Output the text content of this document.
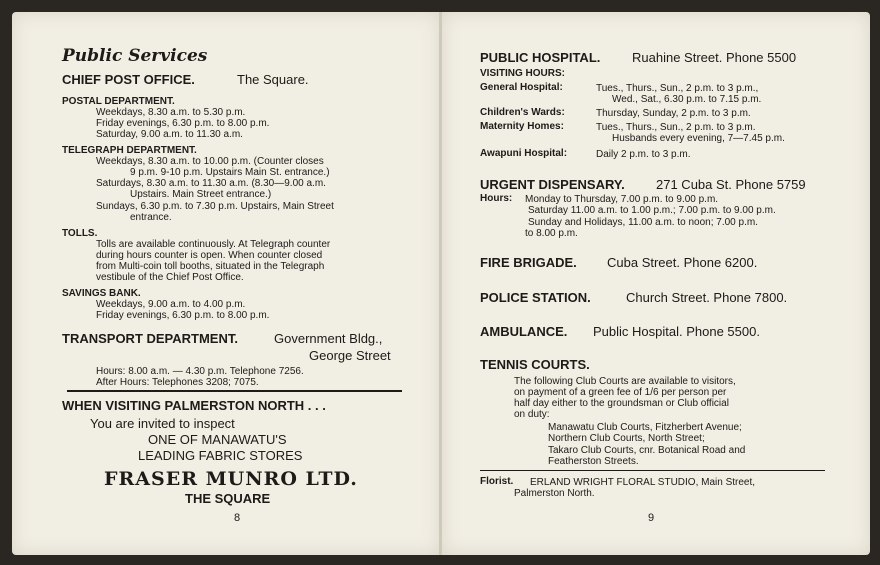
Public Services
CHIEF POST OFFICE.	The Square.
POSTAL DEPARTMENT.
Weekdays, 8.30 a.m. to 5.30 p.m.
Friday evenings, 6.30 p.m. to 8.00 p.m.
Saturday, 9.00 a.m. to 11.30 a.m.
TELEGRAPH DEPARTMENT.
Weekdays, 8.30 a.m. to 10.00 p.m. (Counter closes
9 p.m. 9-10 p.m. Upstairs Main St. entrance.)
Saturdays, 8.30 a.m. to 11.30 a.m. (8.30—9.00 a.m.
Upstairs. Main Street entrance.)
Sundays, 6.30 p.m. to 7.30 p.m. Upstairs, Main Street
entrance.
TOLLS.
Tolls are available continuously. At Telegraph counter
during hours counter is open. When counter closed
from Multi-coin toll booths, situated in the Telegraph
vestibule of the Chief Post Office.
SAVINGS BANK.
Weekdays, 9.00 a.m. to 4.00 p.m.
Friday evenings, 6.30 p.m. to 8.00 p.m.
TRANSPORT DEPARTMENT.	Government Bldg.,
George Street
Hours: 8.00 a.m. — 4.30 p.m. Telephone 7256.
After Hours: Telephones 3208; 7075.
WHEN VISITING PALMERSTON NORTH . . .
You are invited to inspect
ONE OF MANAWATU'S
LEADING FABRIC STORES
FRASER MUNRO LTD.
THE SQUARE
8
PUBLIC HOSPITAL. Ruahine Street. Phone 5500
VISITING HOURS:
General Hospital:	Tues., Thurs., Sun., 2 p.m. to 3 p.m.,
Wed., Sat., 6.30 p.m. to 7.15 p.m.
Children's Wards:	Thursday, Sunday, 2 p.m. to 3 p.m.
Maternity Homes:	Tues., Thurs., Sun., 2 p.m. to 3 p.m.
Husbands every evening, 7—7.45 p.m.
Awapuni Hospital:	Daily 2 p.m. to 3 p.m.
URGENT DISPENSARY. 271 Cuba St. Phone 5759
Hours: Monday to Thursday, 7.00 p.m. to 9.00 p.m.
Saturday 11.00 a.m. to 1.00 p.m.; 7.00 p.m. to 9.00 p.m.
Sunday and Holidays, 11.00 a.m. to noon; 7.00 p.m.
to 8.00 p.m.
FIRE BRIGADE. Cuba Street. Phone 6200.
POLICE STATION.	Church Street. Phone 7800.
AMBULANCE. Public Hospital. Phone 5500.
TENNIS COURTS.
The following Club Courts are available to visitors,
on payment of a green fee of 1/6 per person per
half day either to the groundsman or Club official
on duty:
Manawatu Club Courts, Fitzherbert Avenue;
Northern Club Courts, North Street;
Takaro Club Courts, cnr. Botanical Road and
Featherston Streets.
Florist. ERLAND WRIGHT FLORAL STUDIO, Main Street,
Palmerston North.
9
